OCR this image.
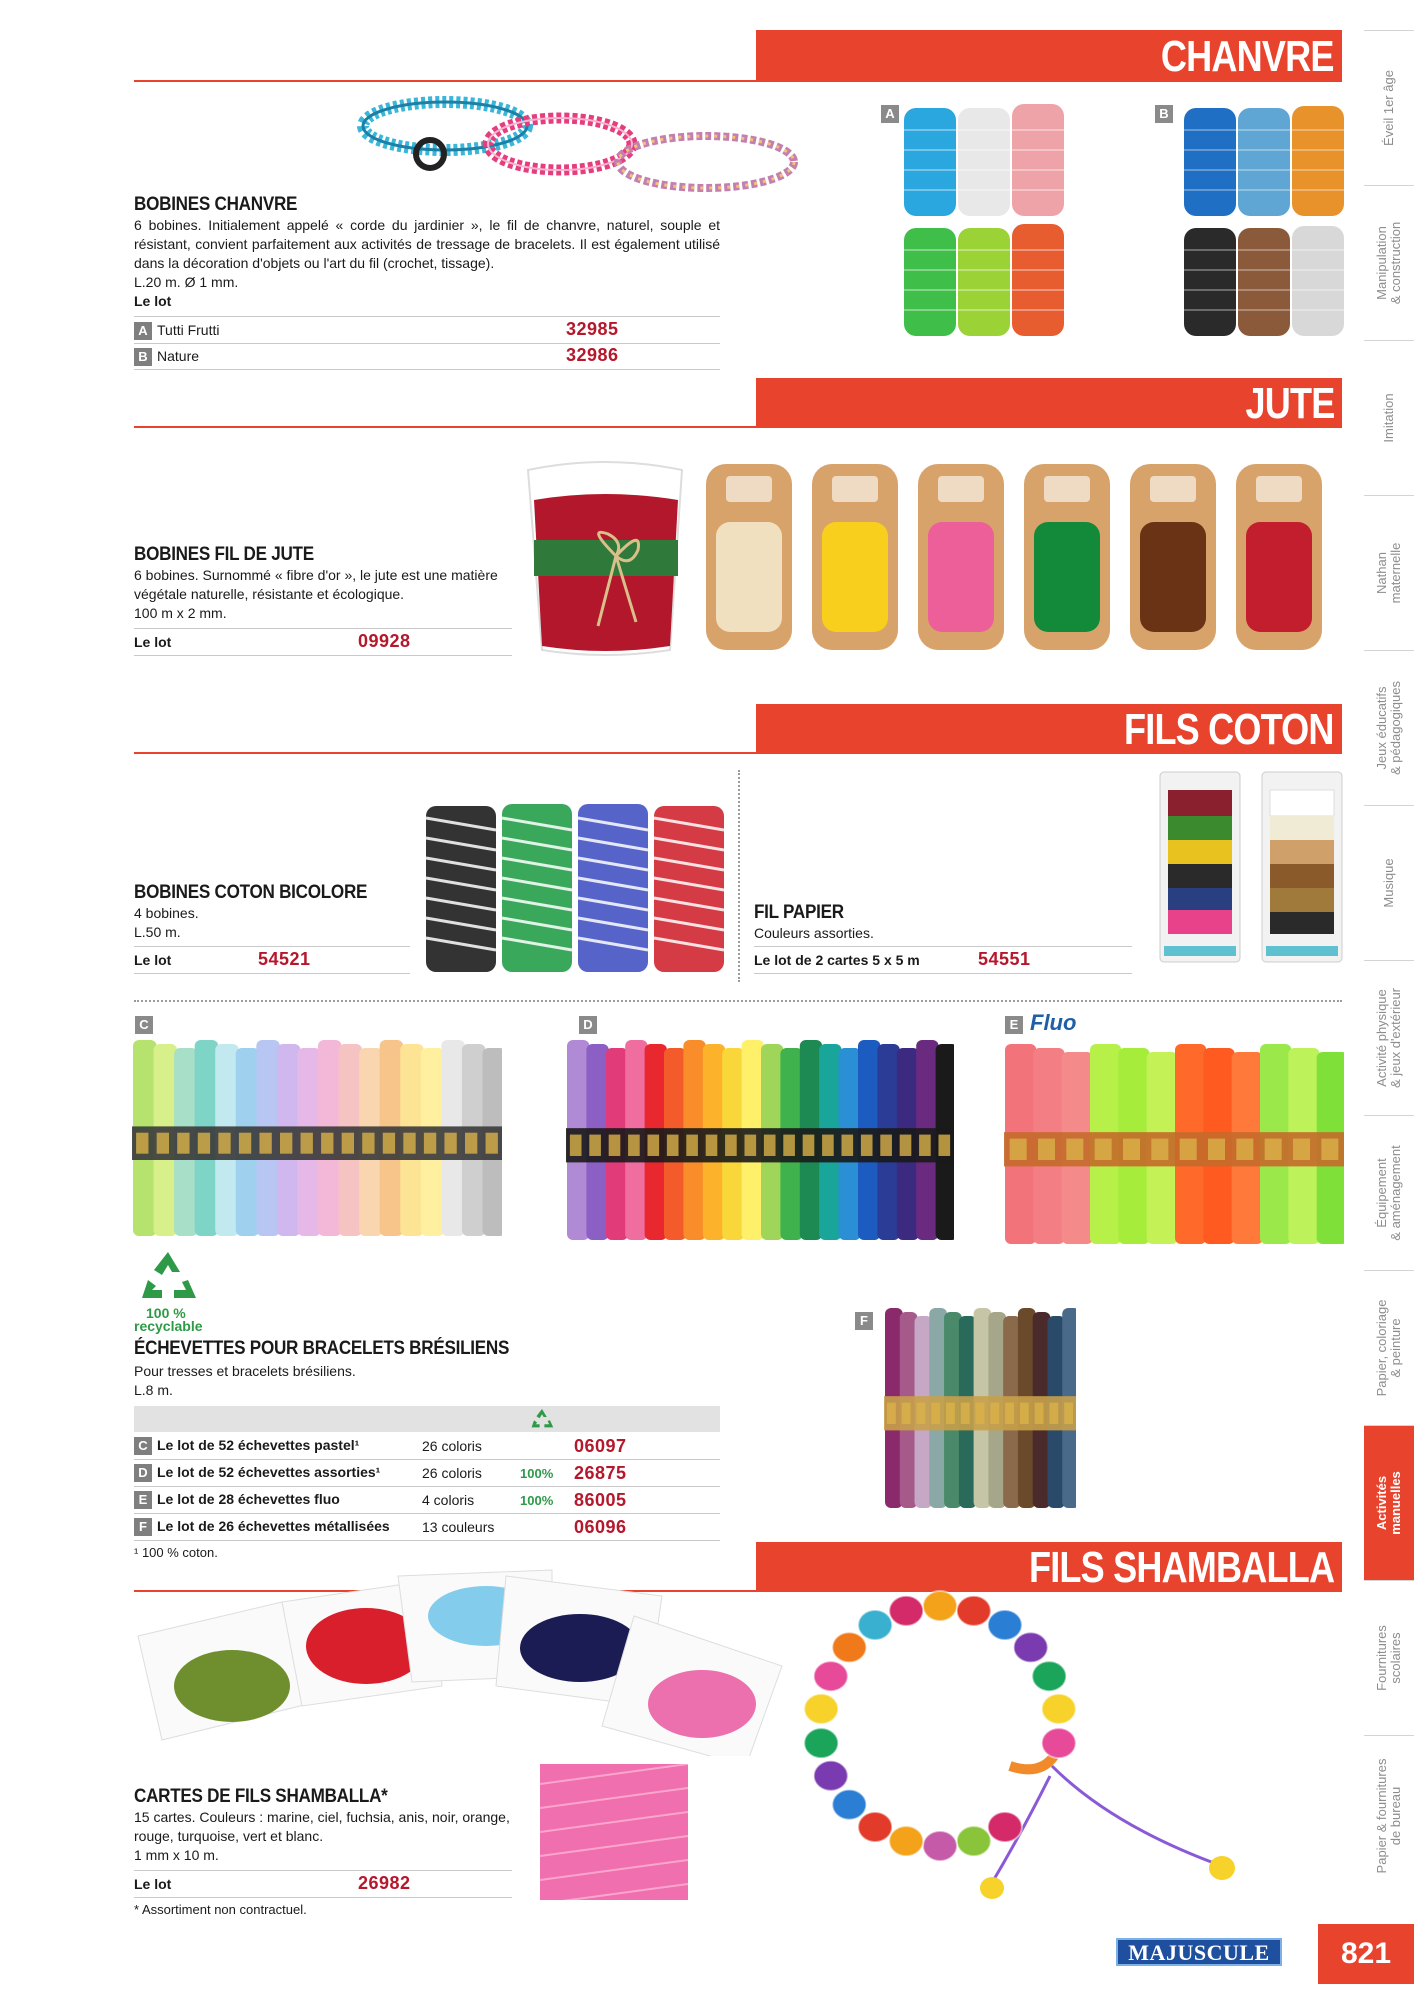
CHANVRE
BOBINES CHANVRE
6 bobines. Initialement appelé « corde du jardinier », le fil de chanvre, naturel, souple et résistant, convient parfaitement aux activités de tressage de bracelets. Il est également utilisé dans la décoration d'objets ou l'art du fil (crochet, tissage).
L.20 m. Ø 1 mm.
Le lot
A Tutti Frutti	32985
B Nature	32986
A	B
JUTE
BOBINES FIL DE JUTE
6 bobines. Surnommé « fibre d'or », le jute est une matière végétale naturelle, résistante et écologique.
100 m x 2 mm.
Le lot	09928
FILS COTON
BOBINES COTON BICOLORE
4 bobines.
L.50 m.
Le lot	54521
FIL PAPIER
Couleurs assorties.
Le lot de 2 cartes 5 x 5 m	54551
C	D	E Fluo
100 %
recyclable
ÉCHEVETTES POUR BRACELETS BRÉSILIENS
Pour tresses et bracelets brésiliens.
L.8 m.
C Le lot de 52 échevettes pastel¹	26 coloris		06097
D Le lot de 52 échevettes assorties¹	26 coloris	100%	26875
E Le lot de 28 échevettes fluo	4 coloris	100%	86005
F Le lot de 26 échevettes métallisées	13 couleurs		06096
¹ 100 % coton.
F
FILS SHAMBALLA
CARTES DE FILS SHAMBALLA*
15 cartes. Couleurs : marine, ciel, fuchsia, anis, noir, orange, rouge, turquoise, vert et blanc.
1 mm x 10 m.
Le lot	26982
* Assortiment non contractuel.
Éveil 1er âge
Manipulation
& construction
Imitation
Nathan
maternelle
Jeux éducatifs
& pédagogiques
Musique
Activité physique
& jeux d'extérieur
Équipement
& aménagement
Papier, coloriage
& peinture
Activités
manuelles
Fournitures
scolaires
Papier & fournitures
de bureau
MAJUSCULE	821
